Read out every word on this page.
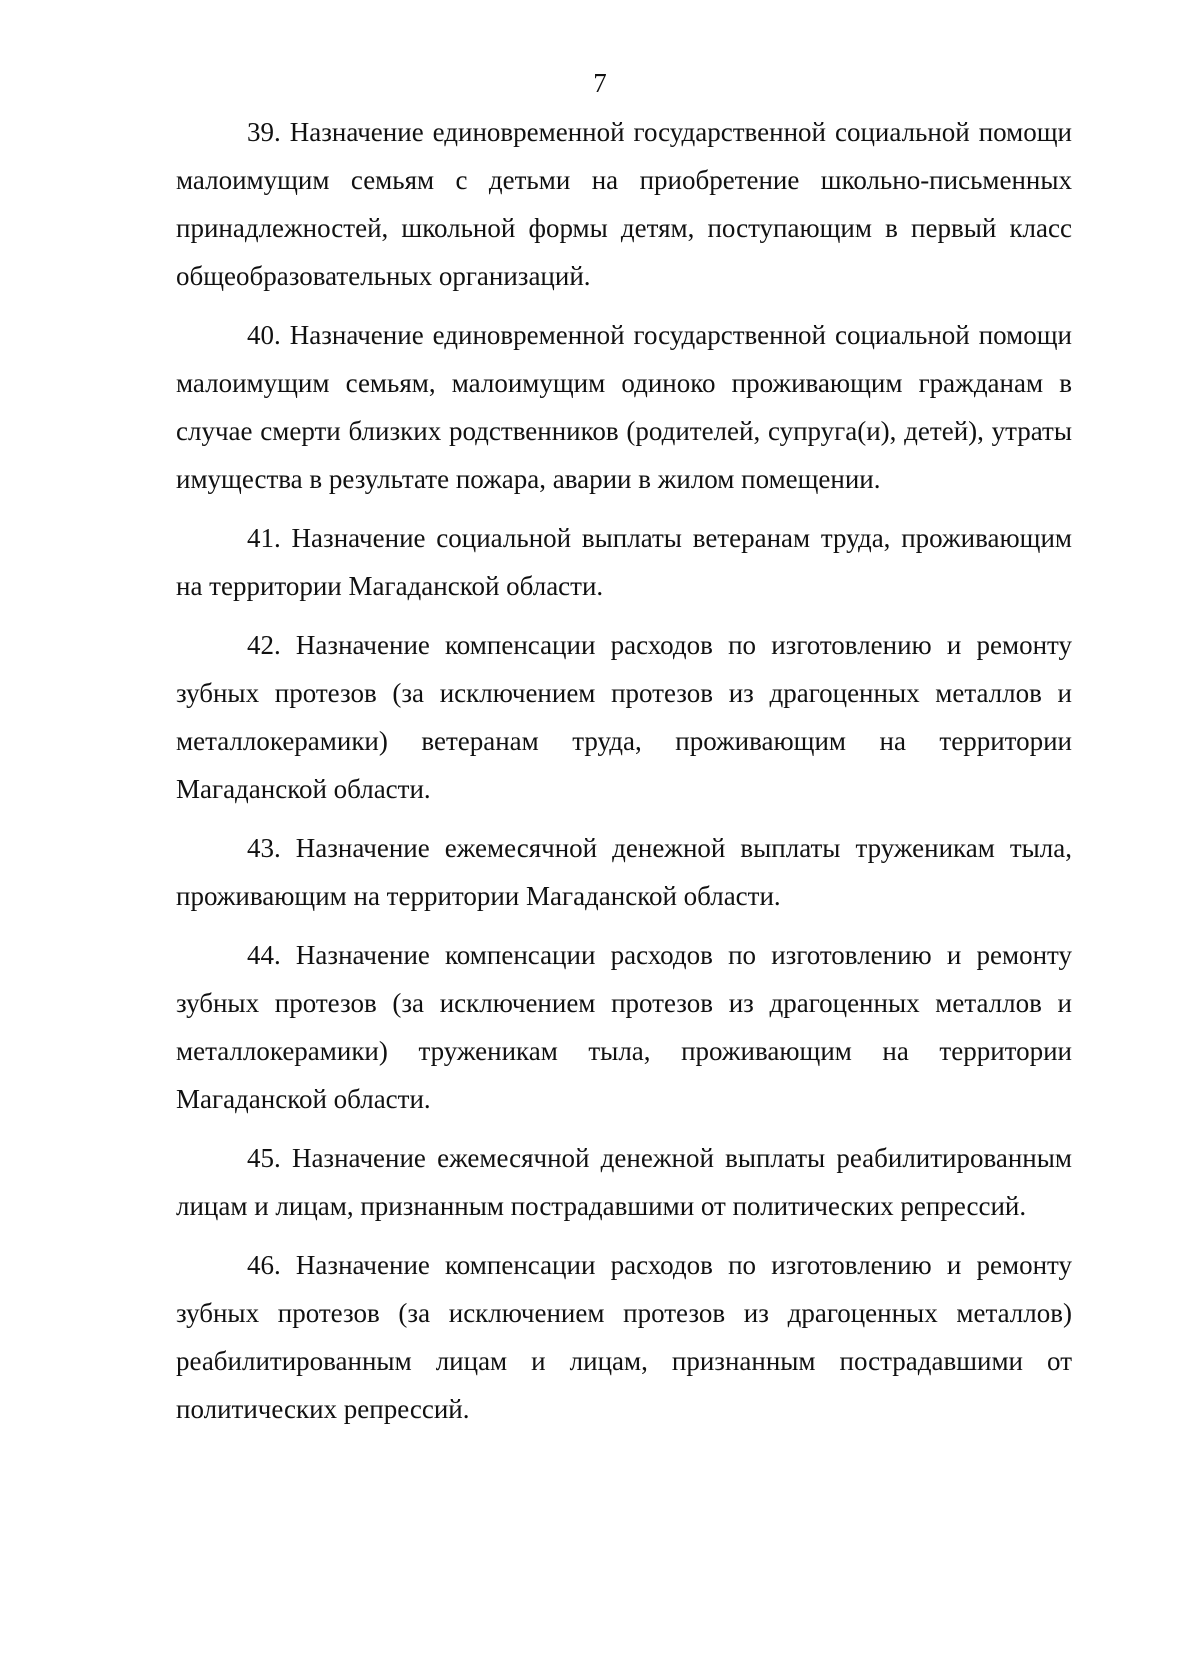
7

39. Назначение единовременной государственной социальной помощи малоимущим семьям с детьми на приобретение школьно-письменных принадлежностей, школьной формы детям, поступающим в первый класс общеобразовательных организаций.

40. Назначение единовременной государственной социальной помощи малоимущим семьям, малоимущим одиноко проживающим гражданам в случае смерти близких родственников (родителей, супруга(и), детей), утраты имущества в результате пожара, аварии в жилом помещении.

41. Назначение социальной выплаты ветеранам труда, проживающим на территории Магаданской области.

42. Назначение компенсации расходов по изготовлению и ремонту зубных протезов (за исключением протезов из драгоценных металлов и металлокерамики) ветеранам труда, проживающим на территории Магаданской области.

43. Назначение ежемесячной денежной выплаты труженикам тыла, проживающим на территории Магаданской области.

44. Назначение компенсации расходов по изготовлению и ремонту зубных протезов (за исключением протезов из драгоценных металлов и металлокерамики) труженикам тыла, проживающим на территории Магаданской области.

45. Назначение ежемесячной денежной выплаты реабилитированным лицам и лицам, признанным пострадавшими от политических репрессий.

46. Назначение компенсации расходов по изготовлению и ремонту зубных протезов (за исключением протезов из драгоценных металлов) реабилитированным лицам и лицам, признанным пострадавшими от политических репрессий.
